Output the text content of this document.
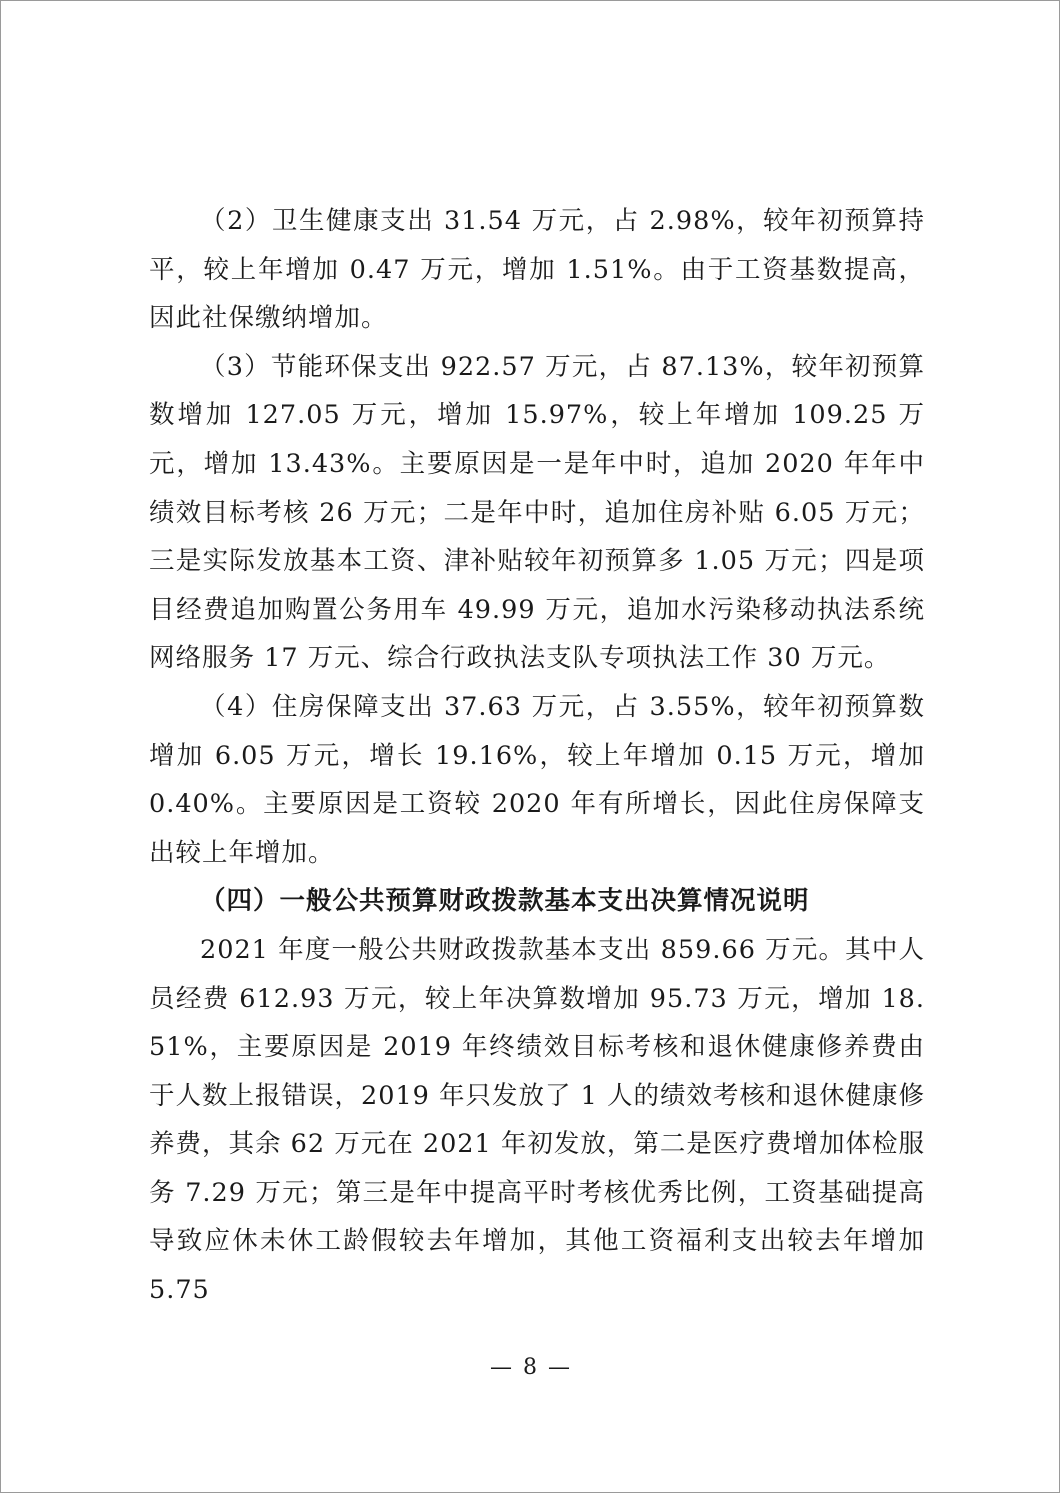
（2）卫生健康支出 31.54 万元，占 2.98%，较年初预算持平，较上年增加 0.47 万元，增加 1.51%。由于工资基数提高，因此社保缴纳增加。

（3）节能环保支出 922.57 万元，占 87.13%，较年初预算数增加 127.05 万元，增加 15.97%，较上年增加 109.25 万元，增加 13.43%。主要原因是一是年中时，追加 2020 年年中绩效目标考核 26 万元；二是年中时，追加住房补贴 6.05 万元；三是实际发放基本工资、津补贴较年初预算多 1.05 万元；四是项目经费追加购置公务用车 49.99 万元，追加水污染移动执法系统网络服务 17 万元、综合行政执法支队专项执法工作 30 万元。

（4）住房保障支出 37.63 万元，占 3.55%，较年初预算数增加 6.05 万元，增长 19.16%，较上年增加 0.15 万元，增加 0.40%。主要原因是工资较 2020 年有所增长，因此住房保障支出较上年增加。

（四）一般公共预算财政拨款基本支出决算情况说明

2021 年度一般公共财政拨款基本支出 859.66 万元。其中人员经费 612.93 万元，较上年决算数增加 95.73 万元，增加 18.51%，主要原因是 2019 年终绩效目标考核和退休健康修养费由于人数上报错误，2019 年只发放了 1 人的绩效考核和退休健康修养费，其余 62 万元在 2021 年初发放，第二是医疗费增加体检服务 7.29 万元；第三是年中提高平时考核优秀比例，工资基础提高导致应休未休工龄假较去年增加，其他工资福利支出较去年增加 5.75

— 8 —
